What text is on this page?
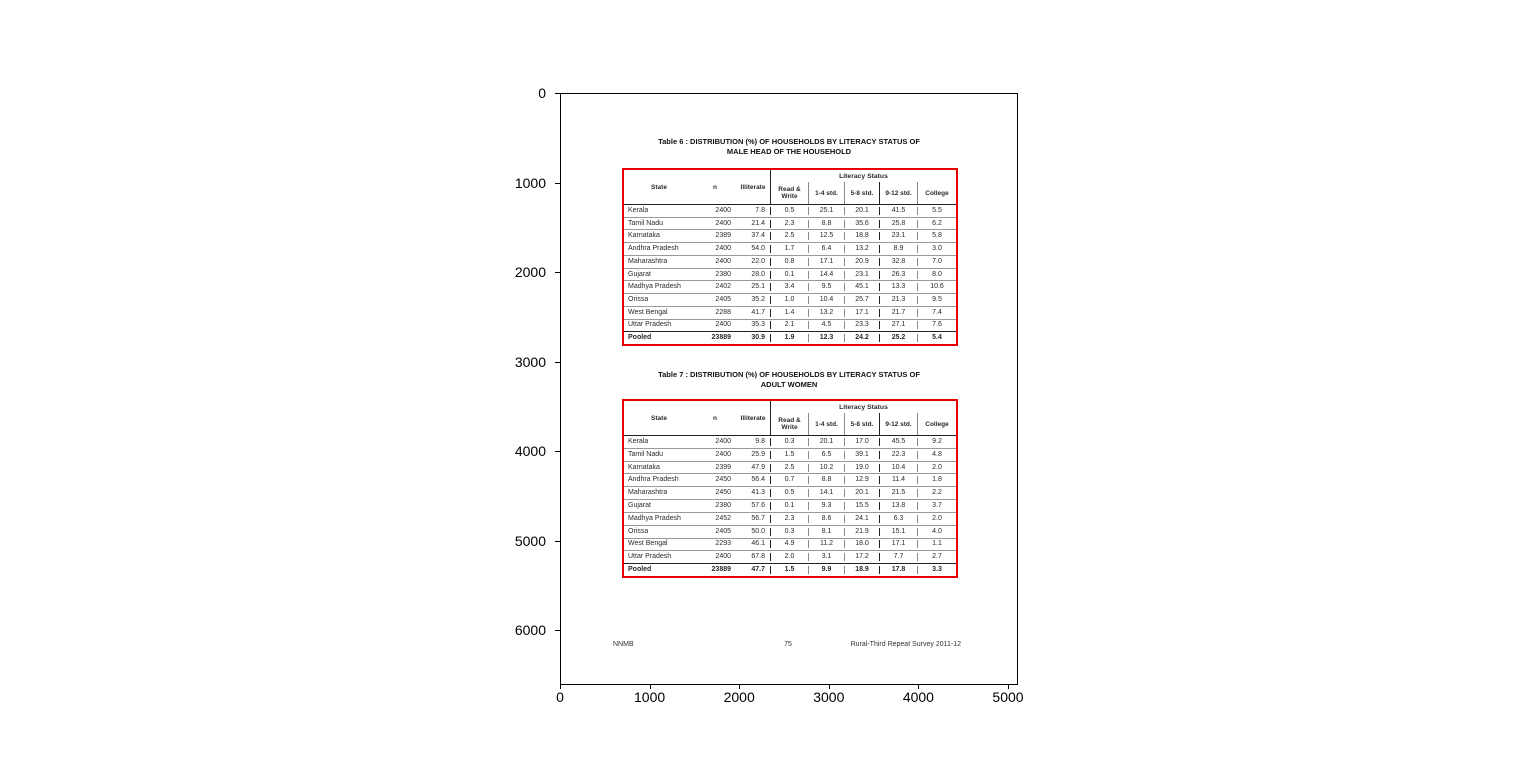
Table 6 : DISTRIBUTION (%) OF HOUSEHOLDS BY LITERACY STATUS OF
MALE HEAD OF THE HOUSEHOLD
State	n	Illiterate
Literacy Status
Read & Write	1-4 std.	5-8 std.	9-12 std.	College
Kerala	2400	7.8	0.5	25.1	20.1	41.5	5.5
Tamil Nadu	2400	21.4	2.3	8.8	35.6	25.8	6.2
Karnataka	2389	37.4	2.5	12.5	18.8	23.1	5.8
Andhra Pradesh	2400	54.0	1.7	6.4	13.2	8.9	3.0
Maharashtra	2400	22.0	0.8	17.1	20.9	32.8	7.0
Gujarat	2380	28.0	0.1	14.4	23.1	26.3	8.0
Madhya Pradesh	2402	25.1	3.4	9.5	45.1	13.3	10.6
Orissa	2405	35.2	1.0	10.4	25.7	21.3	9.5
West Bengal	2288	41.7	1.4	13.2	17.1	21.7	7.4
Uttar Pradesh	2400	35.3	2.1	4.5	23.3	27.1	7.6
Pooled	23889	30.9	1.9	12.3	24.2	25.2	5.4
Table 7 : DISTRIBUTION (%) OF HOUSEHOLDS BY LITERACY STATUS OF
ADULT WOMEN
State	n	Illiterate
Literacy Status
Read & Write	1-4 std.	5-8 std.	9-12 std.	College
Kerala	2400	9.8	0.3	20.1	17.0	45.5	9.2
Tamil Nadu	2400	25.9	1.5	6.5	39.1	22.3	4.8
Karnataka	2399	47.9	2.5	10.2	19.0	10.4	2.0
Andhra Pradesh	2450	56.4	0.7	8.8	12.9	11.4	1.8
Maharashtra	2450	41.3	0.5	14.1	20.1	21.5	2.2
Gujarat	2380	57.6	0.1	9.3	15.5	13.8	3.7
Madhya Pradesh	2452	56.7	2.3	8.6	24.1	6.3	2.0
Orissa	2405	50.0	0.3	8.1	21.9	15.1	4.0
West Bengal	2293	46.1	4.9	11.2	18.0	17.1	1.1
Uttar Pradesh	2400	67.8	2.0	3.1	17.2	7.7	2.7
Pooled	23889	47.7	1.5	9.9	18.9	17.8	3.3
NNMB	75	Rural-Third Repeat Survey 2011-12
0
1000
2000
3000
4000
5000
6000
0	1000	2000	3000	4000	5000
